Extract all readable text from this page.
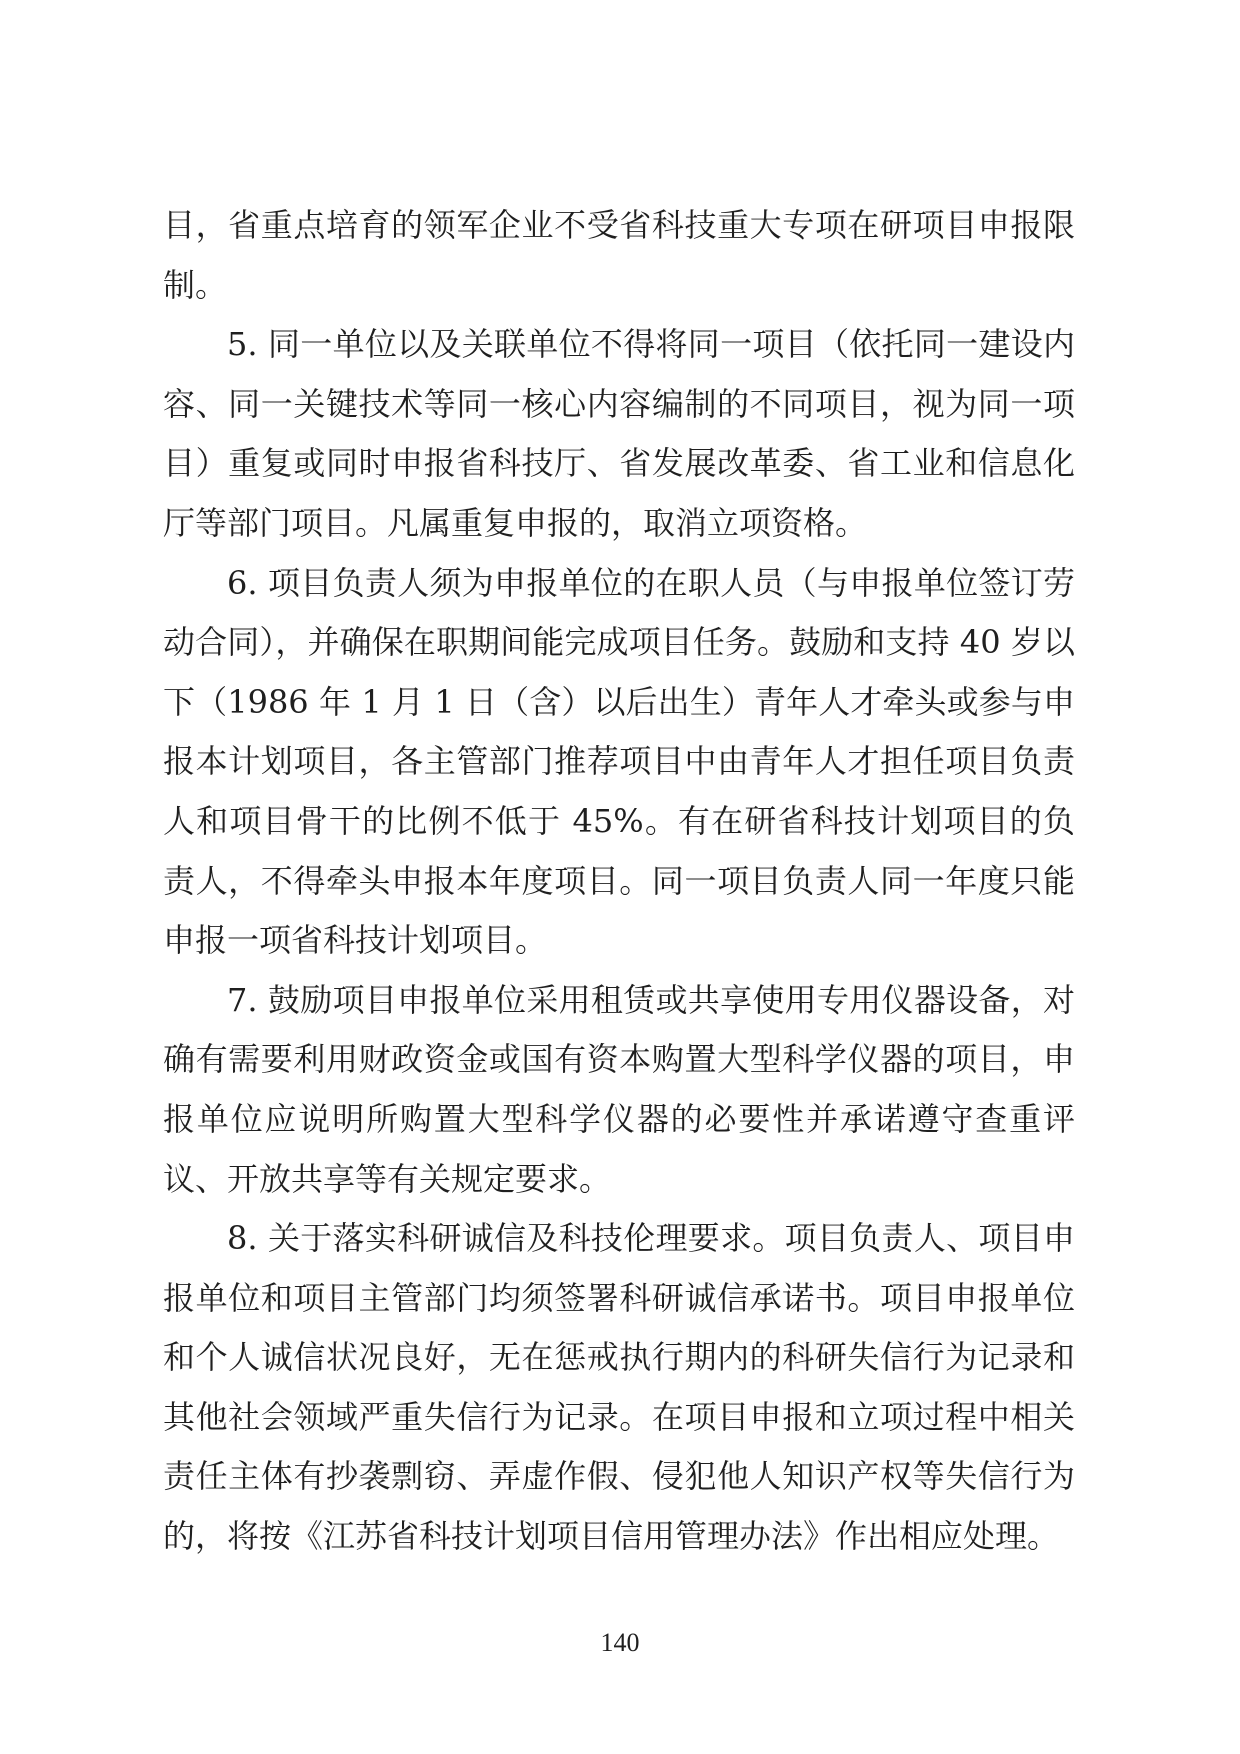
目，省重点培育的领军企业不受省科技重大专项在研项目申报限制。

5. 同一单位以及关联单位不得将同一项目（依托同一建设内容、同一关键技术等同一核心内容编制的不同项目，视为同一项目）重复或同时申报省科技厅、省发展改革委、省工业和信息化厅等部门项目。凡属重复申报的，取消立项资格。

6. 项目负责人须为申报单位的在职人员（与申报单位签订劳动合同），并确保在职期间能完成项目任务。鼓励和支持 40 岁以下（1986 年 1 月 1 日（含）以后出生）青年人才牵头或参与申报本计划项目，各主管部门推荐项目中由青年人才担任项目负责人和项目骨干的比例不低于 45%。有在研省科技计划项目的负责人，不得牵头申报本年度项目。同一项目负责人同一年度只能申报一项省科技计划项目。

7. 鼓励项目申报单位采用租赁或共享使用专用仪器设备，对确有需要利用财政资金或国有资本购置大型科学仪器的项目，申报单位应说明所购置大型科学仪器的必要性并承诺遵守查重评议、开放共享等有关规定要求。

8. 关于落实科研诚信及科技伦理要求。项目负责人、项目申报单位和项目主管部门均须签署科研诚信承诺书。项目申报单位和个人诚信状况良好，无在惩戒执行期内的科研失信行为记录和其他社会领域严重失信行为记录。在项目申报和立项过程中相关责任主体有抄袭剽窃、弄虚作假、侵犯他人知识产权等失信行为的，将按《江苏省科技计划项目信用管理办法》作出相应处理。

140
